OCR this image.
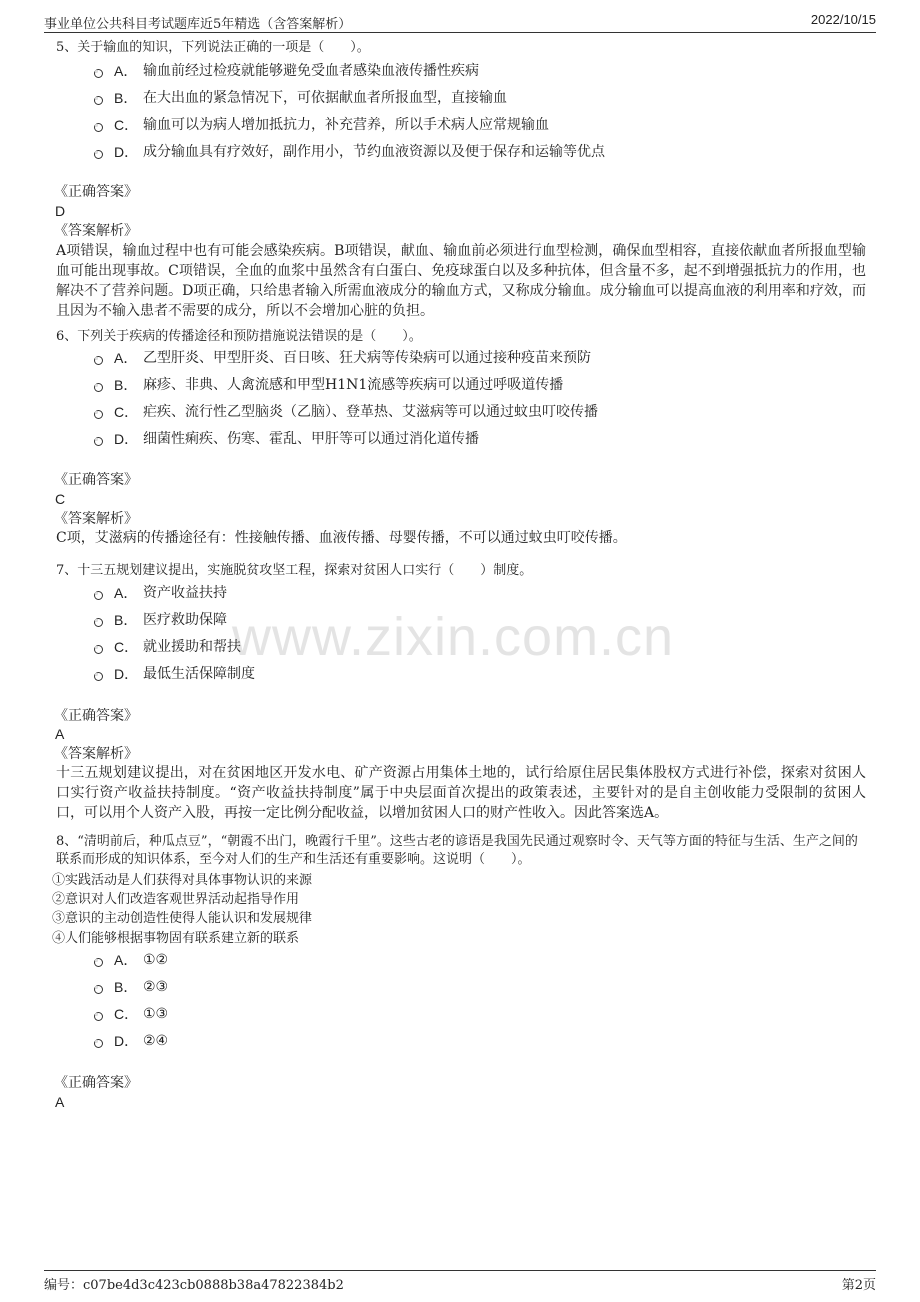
事业单位公共科目考试题库近5年精选（含答案解析）	2022/10/15
www.zixin.com.cn
5、关于输血的知识，下列说法正确的一项是（　　）。
A． 输血前经过检疫就能够避免受血者感染血液传播性疾病
B． 在大出血的紧急情况下，可依据献血者所报血型，直接输血
C． 输血可以为病人增加抵抗力，补充营养，所以手术病人应常规输血
D． 成分输血具有疗效好，副作用小，节约血液资源以及便于保存和运输等优点
《正确答案》
D
《答案解析》
A项错误，输血过程中也有可能会感染疾病。B项错误，献血、输血前必须进行血型检测，确保血型相容，直接依献血者所报血型输血可能出现事故。C项错误，全血的血浆中虽然含有白蛋白、免疫球蛋白以及多种抗体，但含量不多，起不到增强抵抗力的作用，也解决不了营养问题。D项正确，只给患者输入所需血液成分的输血方式，又称成分输血。成分输血可以提高血液的利用率和疗效，而且因为不输入患者不需要的成分，所以不会增加心脏的负担。
6、下列关于疾病的传播途径和预防措施说法错误的是（　　）。
A． 乙型肝炎、甲型肝炎、百日咳、狂犬病等传染病可以通过接种疫苗来预防
B． 麻疹、非典、人禽流感和甲型H1N1流感等疾病可以通过呼吸道传播
C． 疟疾、流行性乙型脑炎（乙脑）、登革热、艾滋病等可以通过蚊虫叮咬传播
D． 细菌性痢疾、伤寒、霍乱、甲肝等可以通过消化道传播
《正确答案》
C
《答案解析》
C项，艾滋病的传播途径有：性接触传播、血液传播、母婴传播，不可以通过蚊虫叮咬传播。
7、十三五规划建议提出，实施脱贫攻坚工程，探索对贫困人口实行（　　）制度。
A． 资产收益扶持
B． 医疗救助保障
C． 就业援助和帮扶
D． 最低生活保障制度
《正确答案》
A
《答案解析》
十三五规划建议提出，对在贫困地区开发水电、矿产资源占用集体土地的，试行给原住居民集体股权方式进行补偿，探索对贫困人口实行资产收益扶持制度。“资产收益扶持制度”属于中央层面首次提出的政策表述，主要针对的是自主创收能力受限制的贫困人口，可以用个人资产入股，再按一定比例分配收益，以增加贫困人口的财产性收入。因此答案选A。
8、“清明前后，种瓜点豆”，“朝霞不出门，晚霞行千里”。这些古老的谚语是我国先民通过观察时令、天气等方面的特征与生活、生产之间的联系而形成的知识体系，至今对人们的生产和生活还有重要影响。这说明（　　）。
①实践活动是人们获得对具体事物认识的来源
②意识对人们改造客观世界活动起指导作用
③意识的主动创造性使得人能认识和发展规律
④人们能够根据事物固有联系建立新的联系
A． ①②
B． ②③
C． ①③
D． ②④
《正确答案》
A
编号：c07be4d3c423cb0888b38a47822384b2	第2页
